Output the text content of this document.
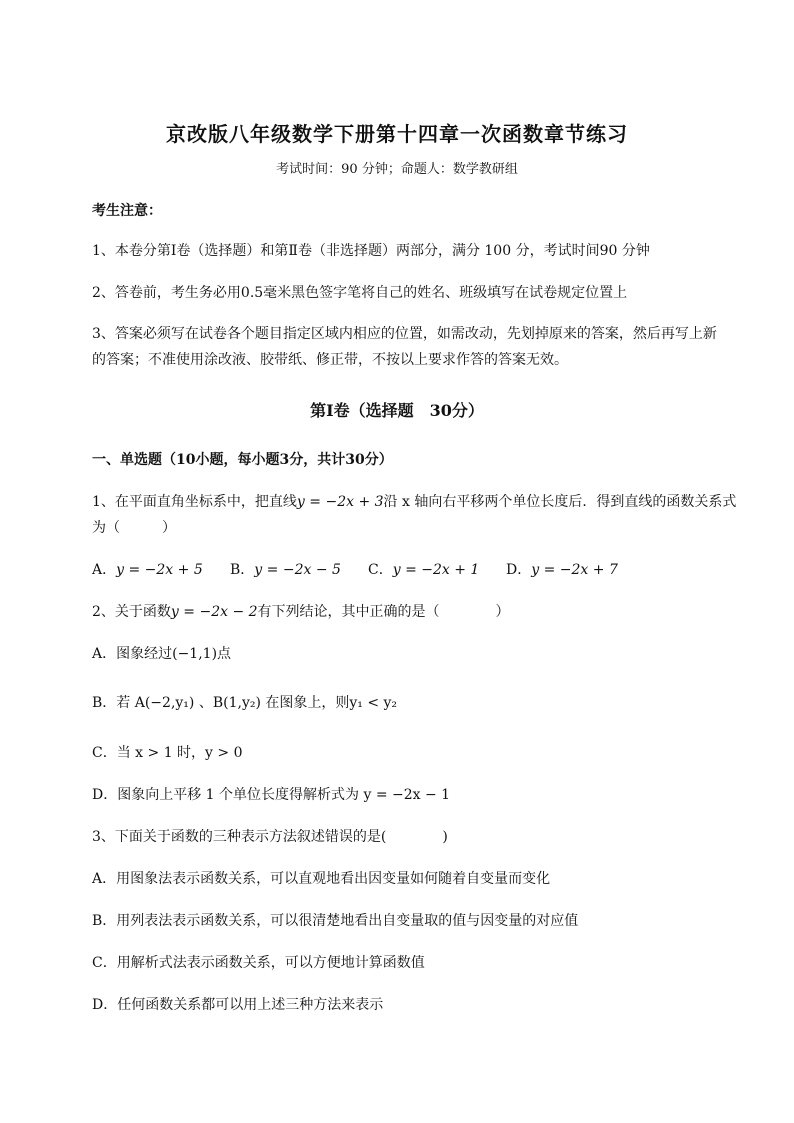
京改版八年级数学下册第十四章一次函数章节练习
考试时间：90 分钟；命题人：数学教研组
考生注意：
1、本卷分第Ⅰ卷（选择题）和第Ⅱ卷（非选择题）两部分，满分 100 分，考试时间90 分钟
2、答卷前，考生务必用0.5毫米黑色签字笔将自己的姓名、班级填写在试卷规定位置上
3、答案必须写在试卷各个题目指定区域内相应的位置，如需改动，先划掉原来的答案，然后再写上新
的答案；不准使用涂改液、胶带纸、修正带，不按以上要求作答的答案无效。
第Ⅰ卷（选择题　30分）
一、单选题（10小题，每小题3分，共计30分）
1、在平面直角坐标系中，把直线y = −2x + 3沿 x 轴向右平移两个单位长度后．得到直线的函数关系式
为（　　　）
A．y = −2x + 5 B．y = −2x − 5 C．y = −2x + 1 D．y = −2x + 7
2、关于函数y = −2x − 2有下列结论，其中正确的是（　　　　）
A．图象经过(−1,1)点
B．若 A(−2,y₁) 、B(1,y₂) 在图象上，则y₁ < y₂
C．当 x > 1 时，y > 0
D．图象向上平移 1 个单位长度得解析式为 y = −2x − 1
3、下面关于函数的三种表示方法叙述错误的是(　　　　)
A．用图象法表示函数关系，可以直观地看出因变量如何随着自变量而变化
B．用列表法表示函数关系，可以很清楚地看出自变量取的值与因变量的对应值
C．用解析式法表示函数关系，可以方便地计算函数值
D．任何函数关系都可以用上述三种方法来表示
